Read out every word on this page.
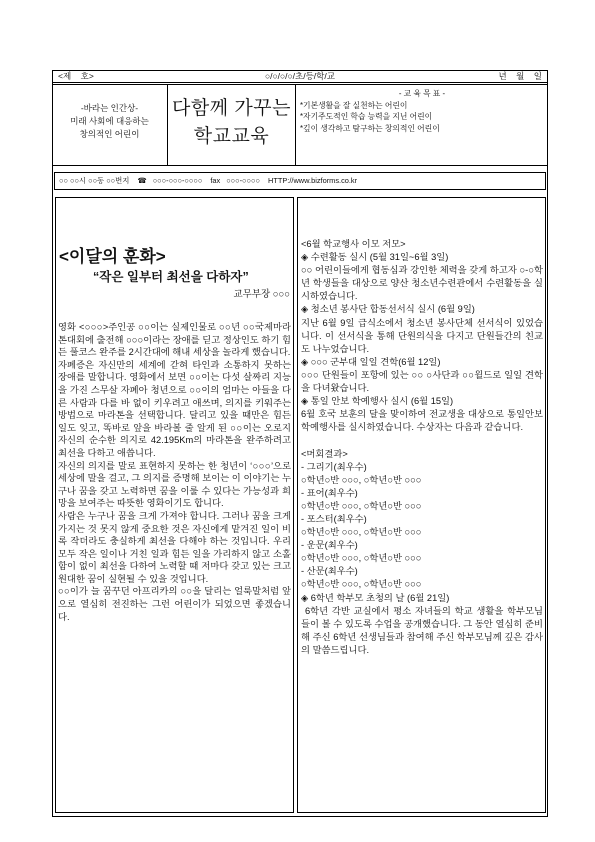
○/○/○/○/초/등/학/교
<제    호>	년    월    일
-바라는 인간상-
미래 사회에 대응하는
창의적인 어린이
다함께 가꾸는
학교교육
- 교 육 목 표 -
*기본생활을 잘 실천하는 어린이
*자기주도적인 학습 능력을 지닌 어린이
*깊이 생각하고 탐구하는 창의적인 어린이
○○ ○○시 ○○동 ○○번지 ☎	○○○-○○○-○○○○ fax ○○○-○○○○ HTTP://www.bizforms.co.kr
<이달의 훈화>
“작은 일부터 최선을 다하자”
교무부장 ○○○

영화 <○○○>주인공 ○○이는 실제인물로 ○○년 ○○국제마라톤대회에 출전해 ○○○이라는 장애를 딛고 정상인도 하기 힘든 풀코스 완주를 2시간대에 해내 세상을 놀라게 했습니다.

자폐증은 자신만의 세계에 갇혀 타인과 소통하지 못하는 장애를 말합니다. 영화에서 보면 ○○이는 다섯 살짜리 지능을 가진 스무살 자폐아 청년으로 ○○이의 엄마는 아들을 다른 사람과 다를 바 없이 키우려고 애쓰며, 의지를 키워주는 방법으로 마라톤을 선택합니다. 달리고 있을 때만은 힘든 일도 잊고, 똑바로 앞을 바라볼 줄 알게 된 ○○이는 오로지 자신의 순수한 의지로 42.195Km의 마라톤을 완주하려고 최선을 다하고 애씁니다.

자신의 의지를 말로 표현하지 못하는 한 청년이 ‘○○○’으로 세상에 말을 걸고, 그 의지를 증명해 보이는 이 이야기는 누구나 꿈을 갖고 노력하면 꿈을 이룰 수 있다는 가능성과 희망을 보여주는 따뜻한 영화이기도 합니다.

사람은 누구나 꿈을 크게 가져야 합니다. 그러나 꿈을 크게 가지는 것 못지 않게 중요한 것은 자신에게 맡겨진 일이 비록 작더라도 충실하게 최선을 다해야 하는 것입니다. 우리 모두 작은 일이나 거친 일과 힘든 일을 가리하지 않고 소홀함이 없이 최선을 다하여 노력할 때 저마다 갖고 있는 크고 원대한 꿈이 실현될 수 있을 것입니다.

○○이가 늘 꿈꾸던 아프리카의 ○○을 달리는 얼룩말처럼 앞으로 열심히 전진하는 그런 어린이가 되었으면 좋겠습니다.

<6월 학교행사 이모 저모>
◈ 수련활동 실시 (5월 31일~6월 3일)

○○ 어린이들에게 협동심과 강인한 체력을 갖게 하고자 ○-○학년 학생들을 대상으로 양산 청소년수련관에서 수련활동을 실시하였습니다.

◈ 청소년 봉사단 합동선서식 실시 (6월 9일)

지난 6월 9일 급식소에서 청소년 봉사단체 선서식이 있었습니다. 이 선서식을 통해 단원의식을 다지고 단원들간의 친교도 나누었습니다.

◈ ○○○ 군부대 일일 견학(6월 12일)

○○○ 단원들이 포항에 있는 ○○ ○사단과 ○○윌드로 일일 견학을 다녀왔습니다.

◈ 통일 안보 학예행사 실시 (6월 15일)

6월 호국 보훈의 달을 맞이하여 전교생을 대상으로 통일안보 학예행사를 실시하였습니다. 수상자는 다음과 같습니다.

<머회결과>
- 그리기(최우수)
○학년○반 ○○○, ○학년○반 ○○○
- 표어(최우수)
○학년○반 ○○○, ○학년○반 ○○○
- 포스터(최우수)
○학년○반 ○○○, ○학년○반 ○○○
- 운문(최우수)
○학년○반 ○○○, ○학년○반 ○○○
- 산문(최우수)
○학년○반 ○○○, ○학년○반 ○○○
◈ 6학년 학부모 초청의 날 (6월 21일)

6학년 각반 교실에서 평소 자녀들의 학교 생활을 학부모님들이 볼 수 있도록 수업을 공개했습니다. 그 동안 열심히 준비해 주신 6학년 선생님들과 참여해 주신 학부모님께 깊은 감사의 말씀드립니다.
